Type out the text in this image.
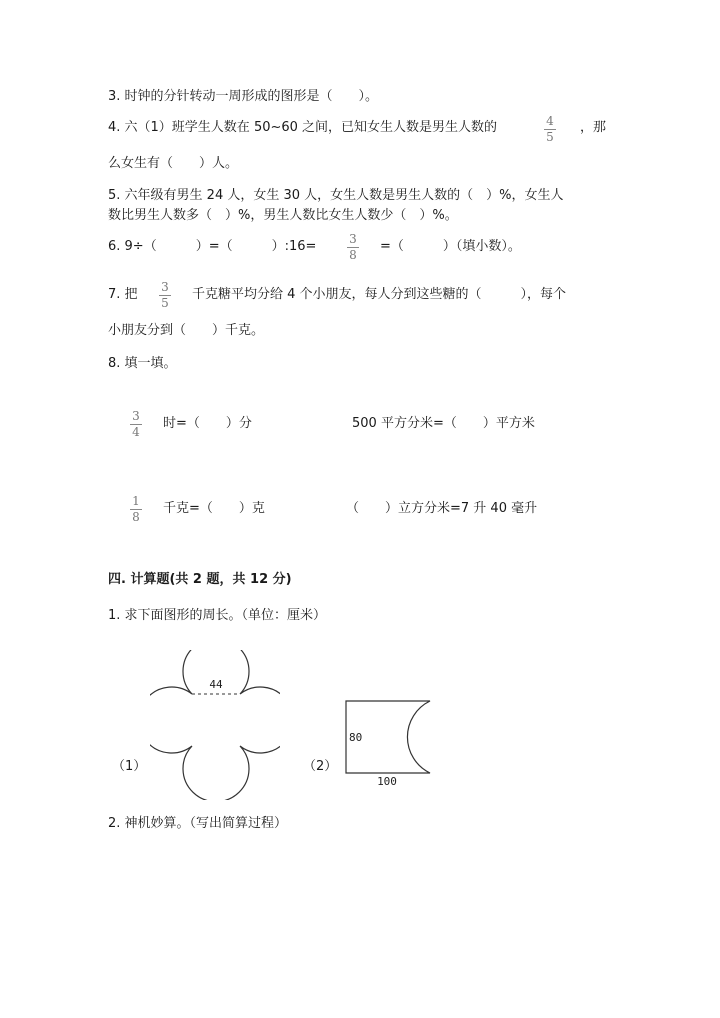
3. 时钟的分针转动一周形成的图形是（　　）。
4. 六（1）班学生人数在 50~60 之间，已知女生人数是男生人数的	4
5
，那
么女生有（　　）人。
5. 六年级有男生 24 人，女生 30 人，女生人数是男生人数的（　）%，女生人
数比男生人数多（　）%，男生人数比女生人数少（　）%。
6. 9÷（　　　）=（　　　）:16=	3
8
=（　　　）（填小数）。
7. 把 3
5
千克糖平均分给 4 个小朋友，每人分到这些糖的（　　　），每个
小朋友分到（　　）千克。
8. 填一填。
3
4
时=（　　）分	500 平方分米=（　　）平方米
1
8
千克=（　　）克	（　　）立方分米=7 升 40 毫升
四. 计算题(共 2 题，共 12 分)
1. 求下面图形的周长。（单位：厘米）
（1）
44
（2）
80
100
2. 神机妙算。（写出简算过程）
